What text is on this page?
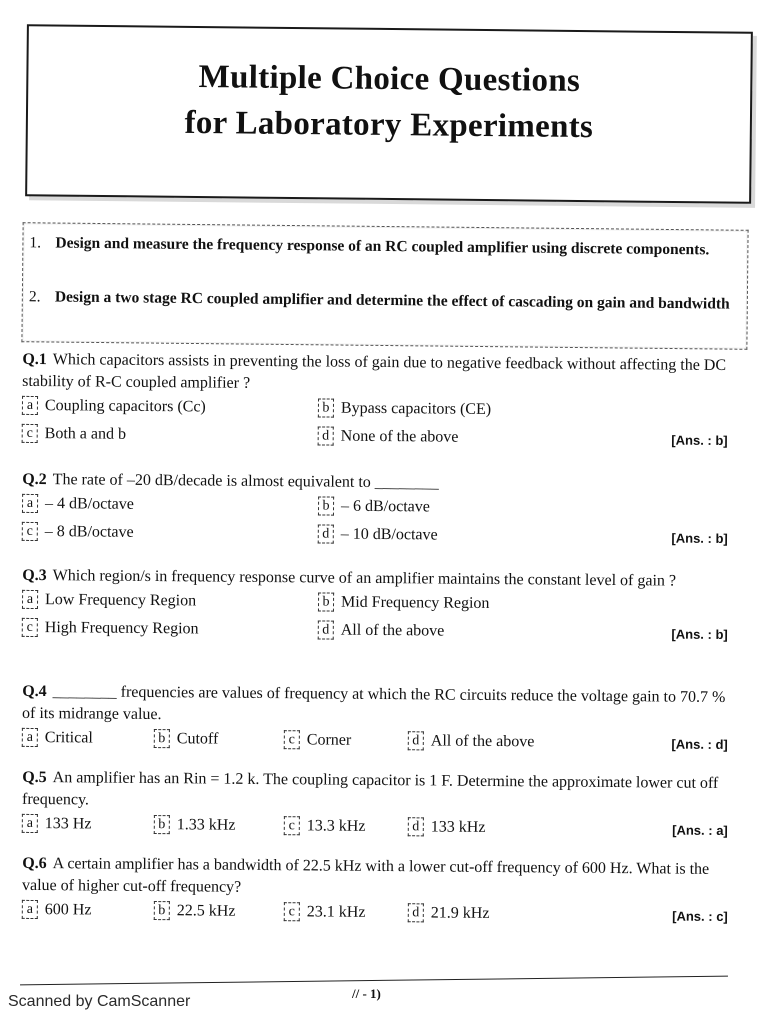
Multiple Choice Questions
for Laboratory Experiments
1. Design and measure the frequency response of an RC coupled amplifier using discrete components.
2. Design a two stage RC coupled amplifier and determine the effect of cascading on gain and bandwidth
Q.1 Which capacitors assists in preventing the loss of gain due to negative feedback without affecting the DC stability of R-C coupled amplifier ?
a Coupling capacitors (Cc)	b Bypass capacitors (CE)
c Both a and b	d None of the above	[Ans. : b]
Q.2 The rate of –20 dB/decade is almost equivalent to ________
a – 4 dB/octave	b – 6 dB/octave
c – 8 dB/octave	d – 10 dB/octave	[Ans. : b]
Q.3 Which region/s in frequency response curve of an amplifier maintains the constant level of gain ?
a Low Frequency Region	b Mid Frequency Region
c High Frequency Region	d All of the above	[Ans. : b]
Q.4 ________ frequencies are values of frequency at which the RC circuits reduce the voltage gain to 70.7 % of its midrange value.
a Critical	b Cutoff	c Corner	d All of the above	[Ans. : d]
Q.5 An amplifier has an Rin = 1.2 k. The coupling capacitor is 1 F. Determine the approximate lower cut off frequency.
a 133 Hz	b 1.33 kHz	c 13.3 kHz	d 133 kHz	[Ans. : a]
Q.6 A certain amplifier has a bandwidth of 22.5 kHz with a lower cut-off frequency of 600 Hz. What is the value of higher cut-off frequency?
a 600 Hz	b 22.5 kHz	c 23.1 kHz	d 21.9 kHz	[Ans. : c]
// - 1)
Scanned by CamScanner
